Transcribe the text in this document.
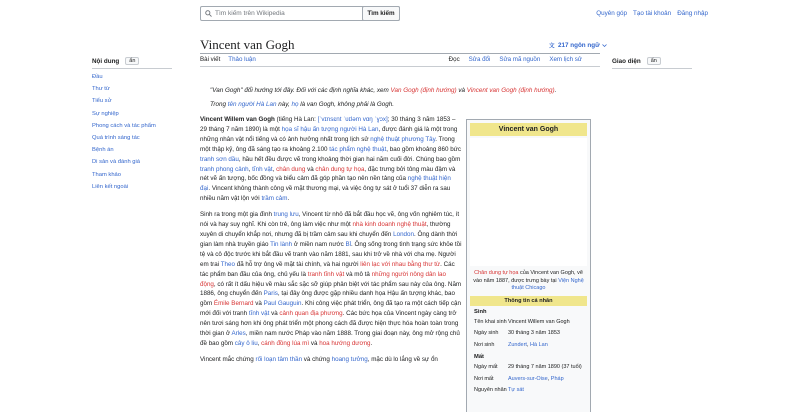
Tìm kiếm trên Wikipedia	Tìm kiếm	Quyên góp Tạo tài khoản Đăng nhập
Nội dung	ẩn
Đầu
Thư từ
Tiểu sử
Sự nghiệp
Phong cách và tác phẩm
Quá trình sáng tác
Bệnh án
Di sản và đánh giá
Tham khảo
Liên kết ngoài
Vincent van Gogh	文 217 ngôn ngữ
Bài viết Thảo luận	Đọc Sửa đổi Sửa mã nguồn Xem lịch sử	Giao diện	ẩn
"Van Gogh" đổi hướng tới đây. Đối với các định nghĩa khác, xem Van Gogh (định hướng) và Vincent van Gogh (định hướng).
Trong tên người Hà Lan này, họ là van Gogh, không phải là Gogh.

Vincent Willem van Gogh (tiếng Hà Lan: [ˈvɪnsɛnt ˈʋɪləm vɑŋ ˈɣɔx]; 30 tháng 3 năm 1853 – 29 tháng 7 năm 1890) là một họa sĩ hậu ấn tượng người Hà Lan, được đánh giá là một trong những nhân vật nổi tiếng và có ảnh hưởng nhất trong lịch sử nghệ thuật phương Tây. Trong một thập kỷ, ông đã sáng tạo ra khoảng 2.100 tác phẩm nghệ thuật, bao gồm khoảng 860 bức tranh sơn dầu, hầu hết đều được vẽ trong khoảng thời gian hai năm cuối đời. Chúng bao gồm tranh phong cảnh, tĩnh vật, chân dung và chân dung tự họa, đặc trưng bởi tông màu đậm và nét vẽ ấn tượng, bốc đồng và biểu cảm đã góp phần tạo nên nền tảng của nghệ thuật hiện đại. Vincent không thành công về mặt thương mại, và việc ông tự sát ở tuổi 37 diễn ra sau nhiều năm vật lộn với trầm cảm.

Sinh ra trong một gia đình trung lưu, Vincent từ nhỏ đã bắt đầu học vẽ, ông vốn nghiêm túc, ít nói và hay suy nghĩ. Khi còn trẻ, ông làm việc như một nhà kinh doanh nghệ thuật, thường xuyên di chuyển khắp nơi, nhưng đã bị trầm cảm sau khi chuyển đến London. Ông dành thời gian làm nhà truyền giáo Tin lành ở miền nam nước Bỉ. Ông sống trong tình trạng sức khỏe tồi tệ và cô độc trước khi bắt đầu vẽ tranh vào năm 1881, sau khi trở về nhà với cha mẹ. Người em trai Theo đã hỗ trợ ông về mặt tài chính, và hai người liên lạc với nhau bằng thư từ. Các tác phẩm ban đầu của ông, chủ yếu là tranh tĩnh vật và mô tả những người nông dân lao động, có rất ít dấu hiệu về màu sắc sặc sỡ giúp phân biệt với tác phẩm sau này của ông. Năm 1886, ông chuyển đến Paris, tại đây ông được gặp nhiều danh họa Hậu ấn tượng khác, bao gồm Émile Bernard và Paul Gauguin. Khi công việc phát triển, ông đã tạo ra một cách tiếp cận mới đối với tranh tĩnh vật và cảnh quan địa phương. Các bức họa của Vincent ngày càng trở nên tươi sáng hơn khi ông phát triển một phong cách đã được hiện thực hóa hoàn toàn trong thời gian ở Arles, miền nam nước Pháp vào năm 1888. Trong giai đoạn này, ông mở rộng chủ đề bao gồm cây ô liu, cánh đồng lúa mì và hoa hướng dương.

Vincent mắc chứng rối loạn tâm thần và chứng hoang tưởng, mặc dù lo lắng về sự ổn

Vincent van Gogh
Chân dung tự họa của Vincent van Gogh, vẽ vào năm 1887, được trưng bày tại Viện Nghệ thuật Chicago
Thông tin cá nhân
Sinh
Tên khai sinh Vincent Willem van Gogh
Ngày sinh	30 tháng 3 năm 1853
Nơi sinh	Zundert, Hà Lan
Mất
Ngày mất	29 tháng 7 năm 1890 (37 tuổi)
Nơi mất	Auvers-sur-Oise, Pháp
Nguyên nhân Tự sát
